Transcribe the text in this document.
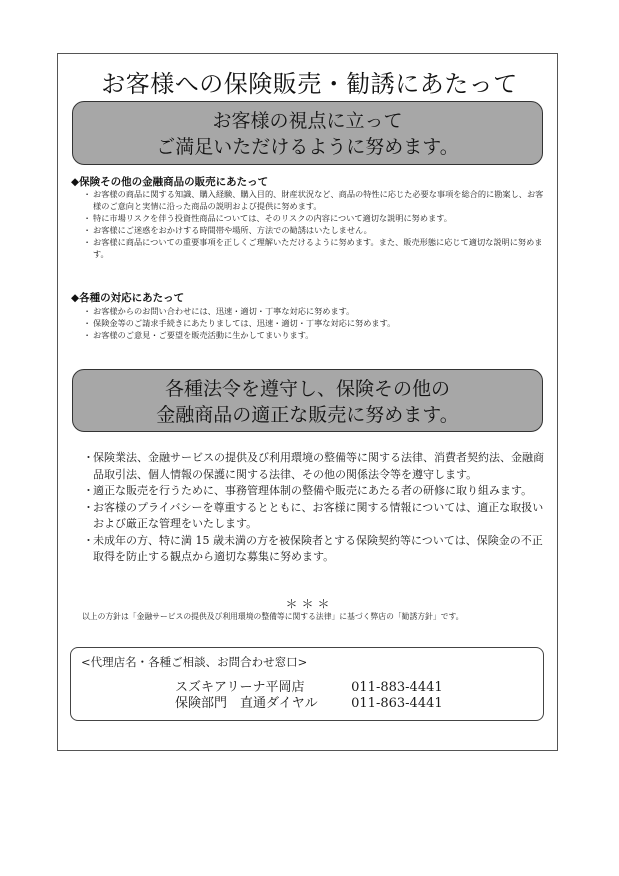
お客様への保険販売・勧誘にあたって
お客様の視点に立って
ご満足いただけるように努めます。
◆保険その他の金融商品の販売にあたって
・ お客様の商品に関する知識、購入経験、購入目的、財産状況など、商品の特性に応じた必要な事項を総合的に勘案し、お客様のご意向と実情に沿った商品の説明および提供に努めます。
・ 特に市場リスクを伴う投資性商品については、そのリスクの内容について適切な説明に努めます。
・ お客様にご迷惑をおかけする時間帯や場所、方法での勧誘はいたしません。
・ お客様に商品についての重要事項を正しくご理解いただけるように努めます。また、販売形態に応じて適切な説明に努めます。
◆各種の対応にあたって
・ お客様からのお問い合わせには、迅速・適切・丁寧な対応に努めます。
・ 保険金等のご請求手続きにあたりましては、迅速・適切・丁寧な対応に努めます。
・ お客様のご意見・ご要望を販売活動に生かしてまいります。
各種法令を遵守し、保険その他の
金融商品の適正な販売に努めます。
・ 保険業法、金融サービスの提供及び利用環境の整備等に関する法律、消費者契約法、金融商品取引法、個人情報の保護に関する法律、その他の関係法令等を遵守します。
・ 適正な販売を行うために、事務管理体制の整備や販売にあたる者の研修に取り組みます。
・ お客様のプライバシーを尊重するとともに、お客様に関する情報については、適正な取扱いおよび厳正な管理をいたします。
・ 未成年の方、特に満 15 歳未満の方を被保険者とする保険契約等については、保険金の不正取得を防止する観点から適切な募集に努めます。
＊＊＊
以上の方針は「金融サービスの提供及び利用環境の整備等に関する法律」に基づく弊店の「勧誘方針」です。
<代理店名・各種ご相談、お問合わせ窓口>
スズキアリーナ平岡店	011-883-4441
保険部門　直通ダイヤル	011-863-4441
